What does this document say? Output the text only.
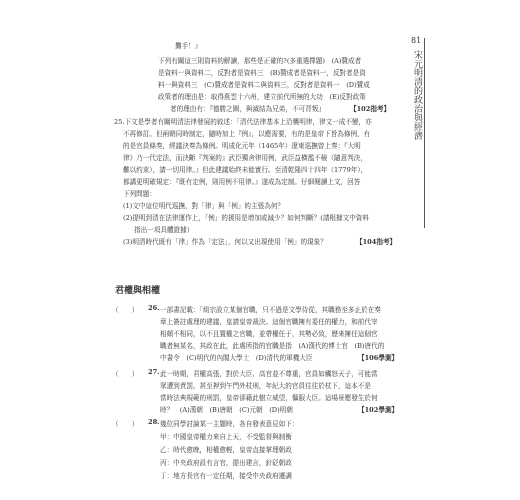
81
宋元明清的政治與經濟
攤手！』
下列有關這三則資料的解讀，那些是正確的?(多重選擇題)　(A)贊成者
是資料一與資料二，反對者是資料三　(B)贊成者是資料一，反對者是資
料一與資料三　(C)贊成者是資料二與資料三，反對者是資料一　(D)贊成
政策者的理由是：取得燕雲十六州，建立前代所無的大功　(E)反對政策
者的理由有：『德勝之圖，與滅結為兄弟，不可背叛』	【102指考】
25.下文是學者有關明清法律發展的敘述：「清代法律基本上沿襲明律，律文一成不變，亦
不再修訂。但兩朝同時制定，隨時加上『例』，以應需要，有的是皇帝下旨為條例，有
的是官員條奏，經議決奏為條例。明成化元年（1465年）遼東巡撫曾上奏：『大明
律》乃一代定法，而決斷『判案的』武臣獨舍律用例，武臣益横濫不檢（隨意判決，
難以約束），請一切用律。』但此建議始終未能實行。至清乾隆四十四年（1779年），
都講更明確規定：『既有定例，則用例不用律。』遂成為定制。仔細閱讀上文，回答
下列問題：
(1)文中這位明代巡撫，對「律」與「例」的主張為何？
(2)提明到清在法律運作上，「例」的援用是增加或減少？如何判斷？(請根據文中資料
指出一項具體證據）
(3)明清時代既有「律」作為「定法」，何以又出現使用「例」的現象？	【104指考】
君權與相權
（　　） 26. 一部書記載：「組宗設立某個官職，只不過是文學侍從，其職務至多止於在奏
章上簽註處理的建議，皇請皇帝裁決。這個官職擁有委任的權力，和前代宰
相頗不相同，以不且置權之官職，並帶權任于，其勢必致，歷來擁任這個官
職者無某名，其政在此，此處所指的官職是指　(A)漢代的博士官　(B)唐代的
中書令　(C)明代的內閣大學士　(D)清代的軍機大臣	【106學測】
（　　） 27. 此一時期，君權高張，對於大臣、高官並不尊重，官員如觸怒天子，可能當
眾遭到責罰，甚至押到午門外杖刑，年紀大的官員往往於杖下，這本不是
當時法典規範的刑罰，皇帝卻藉此樹立威望，懾服大臣。這場景應發生於何
時？　(A)漢朝　(B)唐朝　(C)元朝　(D)明朝	【102學測】
（　　） 28. 幾位同學討論某一主題時，各自發表意見如下：
甲：中國皇帝權力來自上天，不受監督與制衡
乙：時代愈晚，相權愈輕，皇帝直接掌理朝政
丙：中央政府設有言官，提出建言，針砭朝政
丁：地方長官有一定任期，接受中央政府遷調
